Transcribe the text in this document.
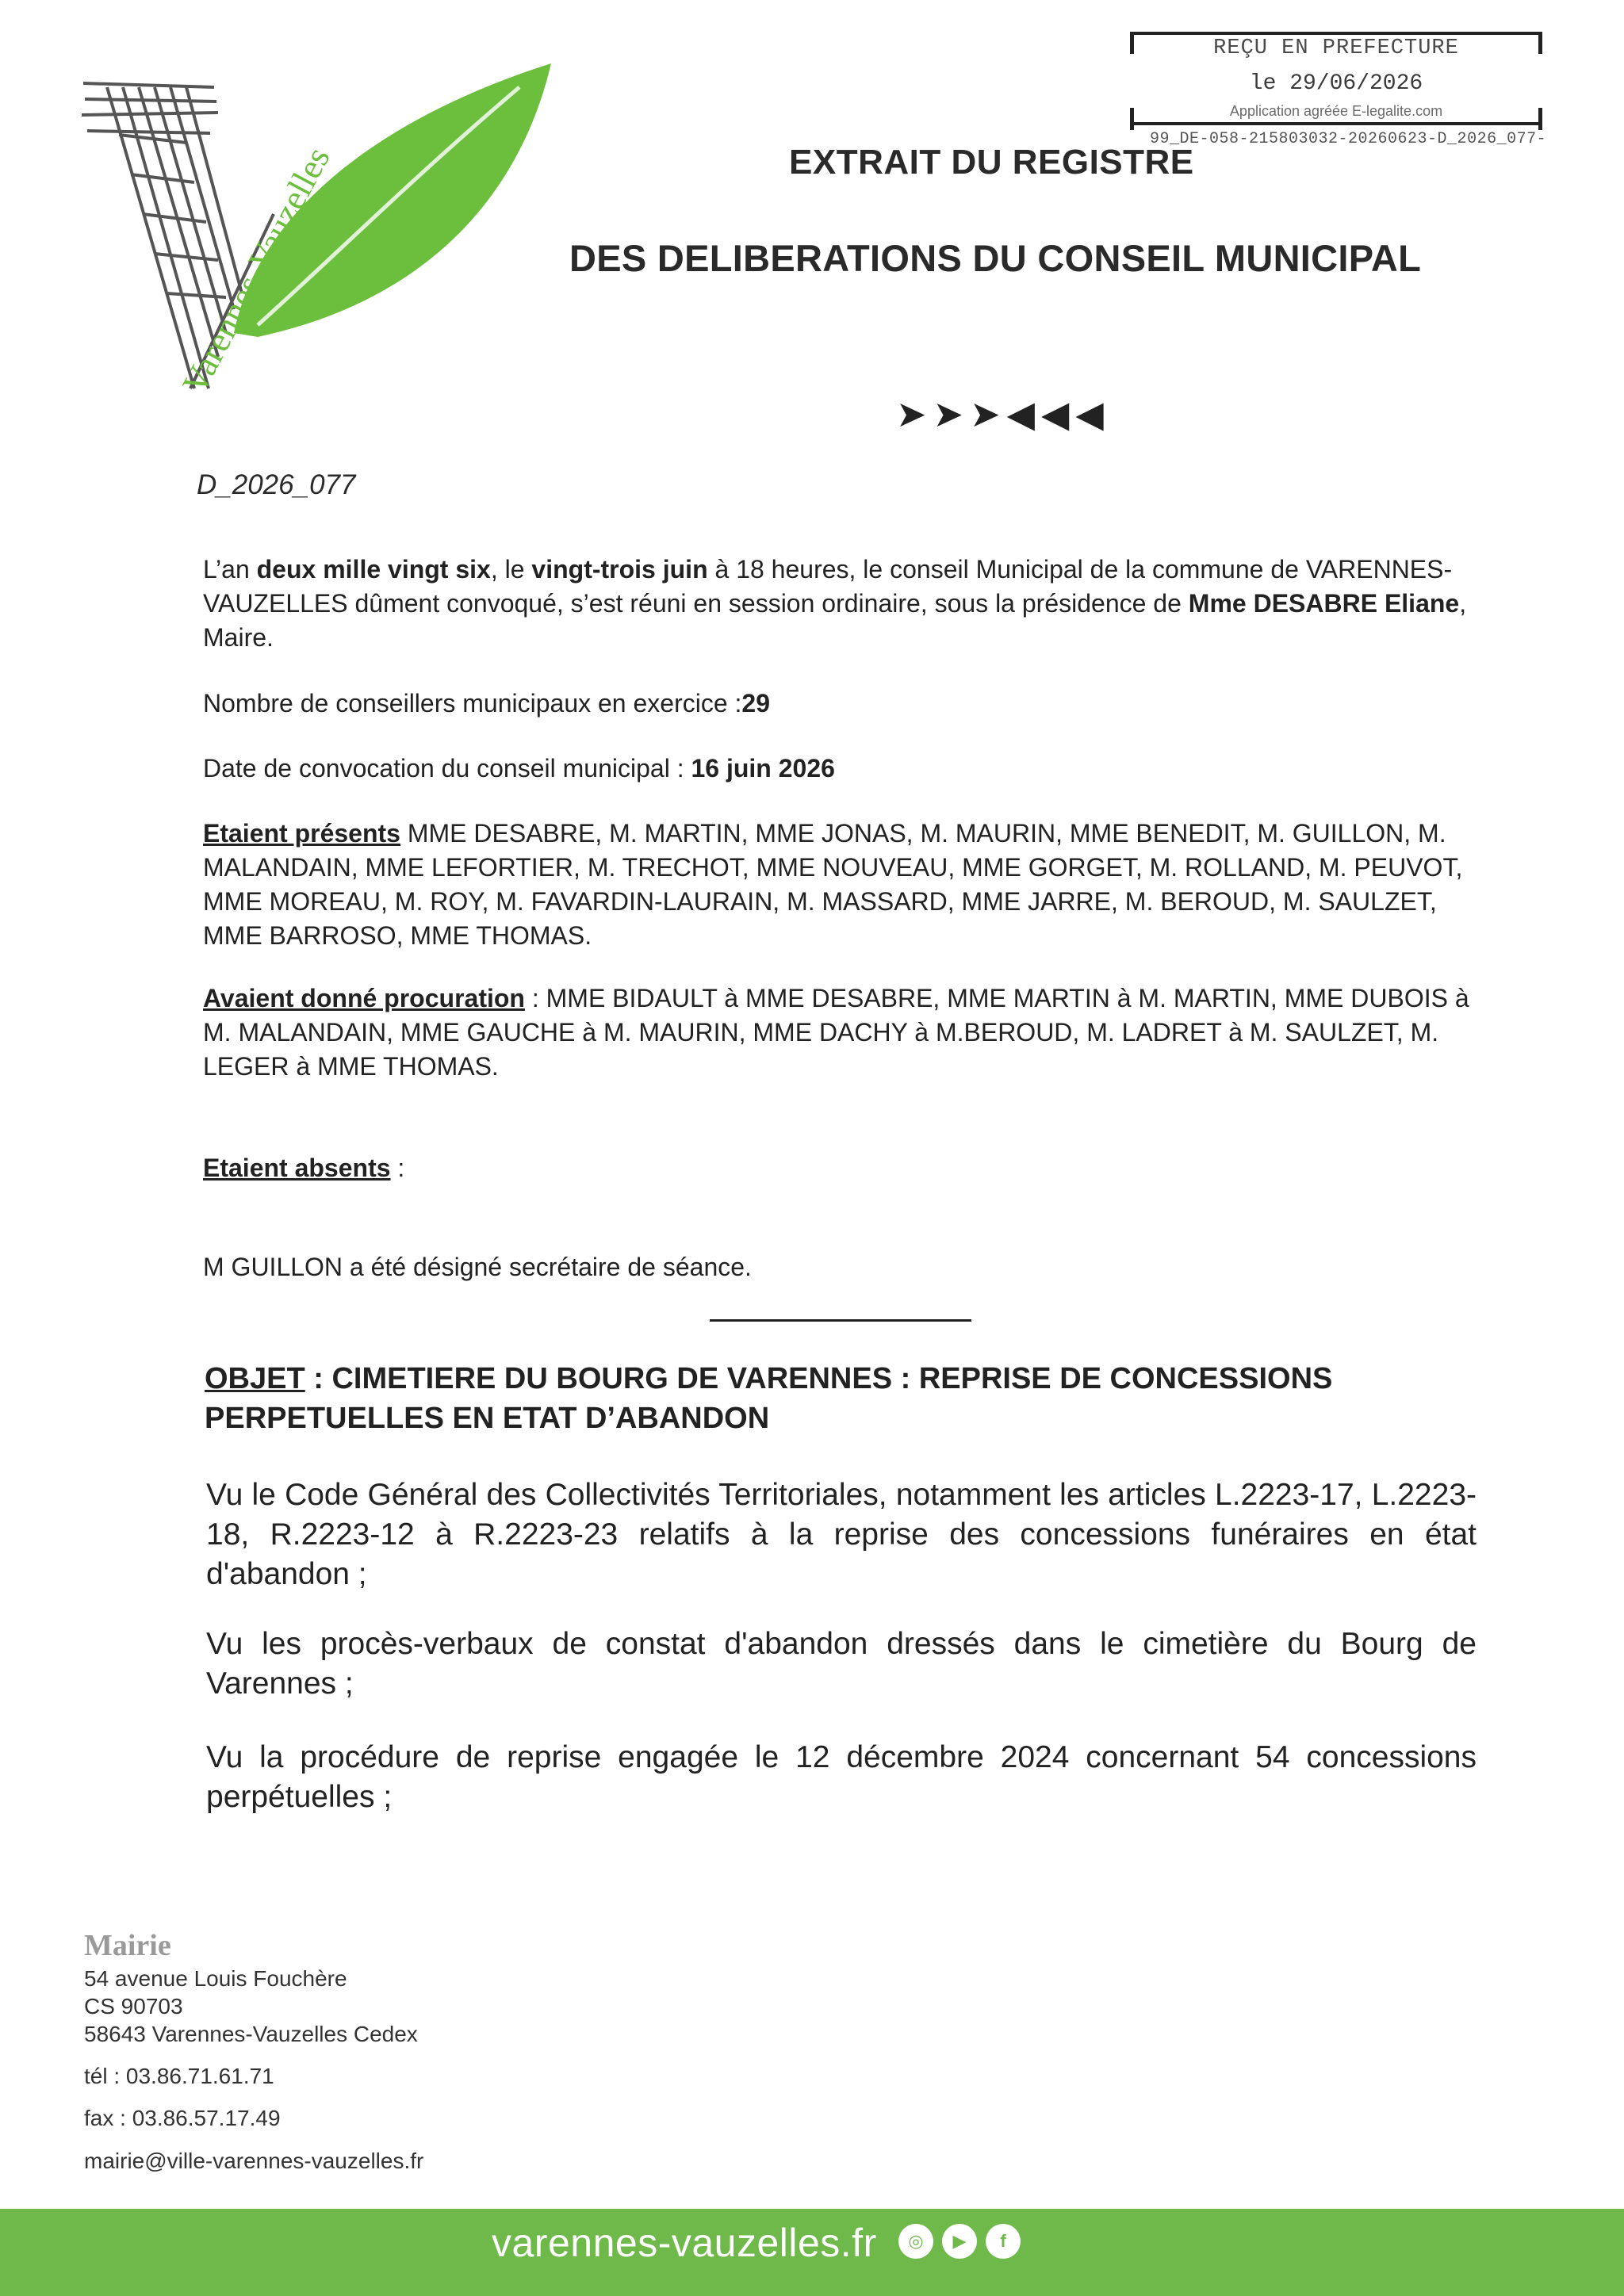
Varennes-Vauzelles
REÇU EN PREFECTURE
le 29/06/2026
Application agréée E-legalite.com
99_DE-058-215803032-20260623-D_2026_077-
EXTRAIT DU REGISTRE
DES DELIBERATIONS DU CONSEIL MUNICIPAL
➤➤➤◀◀◀
D_2026_077
L’an deux mille vingt six, le vingt-trois juin à 18 heures, le conseil Municipal de la commune de VARENNES-VAUZELLES dûment convoqué, s’est réuni en session ordinaire, sous la présidence de Mme DESABRE Eliane, Maire.
Nombre de conseillers municipaux en exercice :29
Date de convocation du conseil municipal : 16 juin 2026
Etaient présents MME DESABRE, M. MARTIN, MME JONAS, M. MAURIN, MME BENEDIT, M. GUILLON, M. MALANDAIN, MME LEFORTIER, M. TRECHOT, MME NOUVEAU, MME GORGET, M. ROLLAND, M. PEUVOT, MME MOREAU, M. ROY, M. FAVARDIN-LAURAIN, M. MASSARD, MME JARRE, M. BEROUD, M. SAULZET, MME BARROSO, MME THOMAS.
Avaient donné procuration : MME BIDAULT à MME DESABRE, MME MARTIN à M. MARTIN, MME DUBOIS à M. MALANDAIN, MME GAUCHE à M. MAURIN, MME DACHY à M.BEROUD, M. LADRET à M. SAULZET, M. LEGER à MME THOMAS.
Etaient absents :
M GUILLON a été désigné secrétaire de séance.
OBJET : CIMETIERE DU BOURG DE VARENNES : REPRISE DE CONCESSIONS PERPETUELLES EN ETAT D’ABANDON
Vu le Code Général des Collectivités Territoriales, notamment les articles L.2223-17, L.2223-18, R.2223-12 à R.2223-23 relatifs à la reprise des concessions funéraires en état d'abandon ;
Vu les procès-verbaux de constat d'abandon dressés dans le cimetière du Bourg de Varennes ;
Vu la procédure de reprise engagée le 12 décembre 2024 concernant 54 concessions perpétuelles ;
Mairie
54 avenue Louis Fouchère
CS 90703
58643 Varennes-Vauzelles Cedex
tél : 03.86.71.61.71
fax : 03.86.57.17.49
mairie@ville-varennes-vauzelles.fr
varennes-vauzelles.fr	◎	▶	f
